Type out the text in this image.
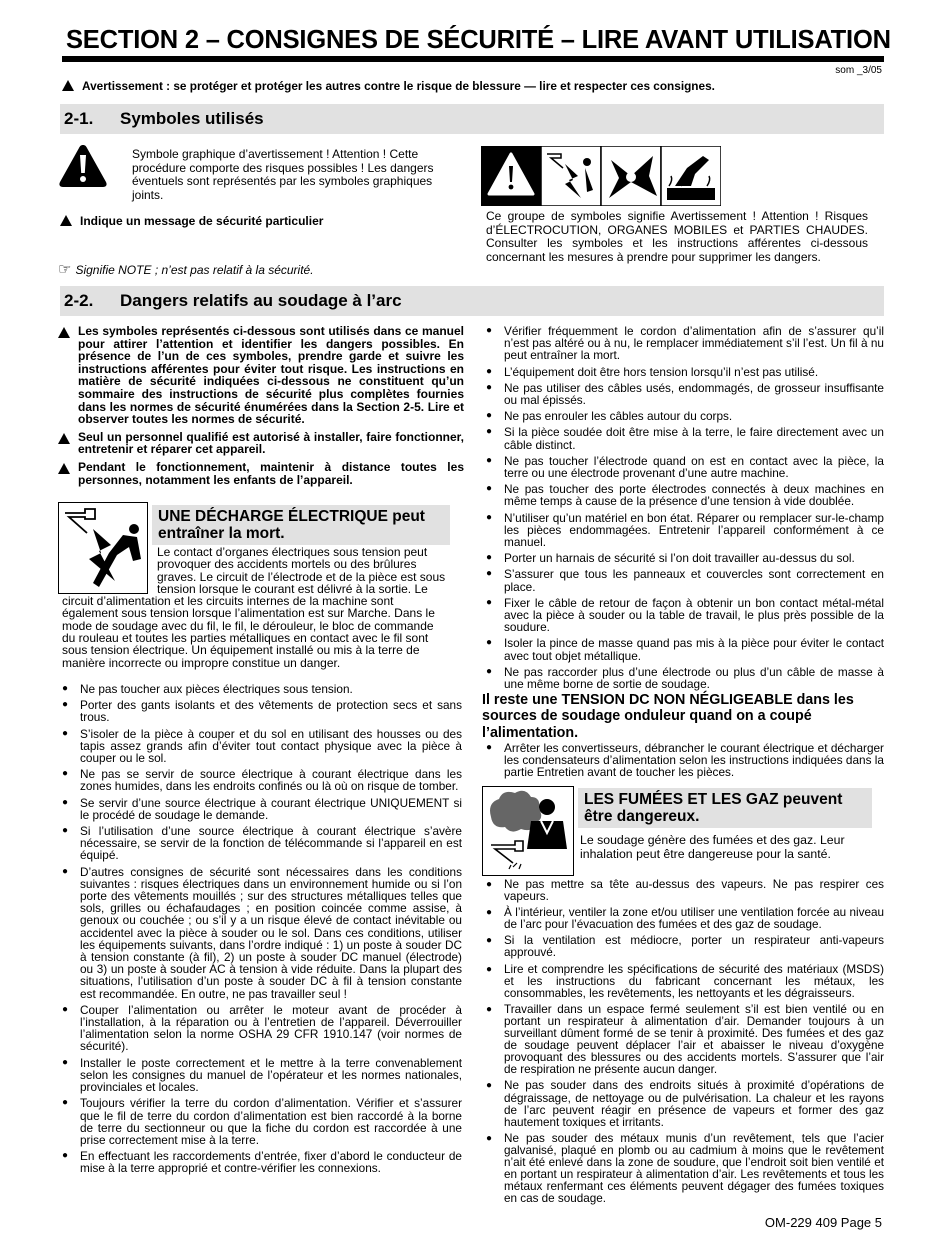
SECTION 2 – CONSIGNES DE SÉCURITÉ – LIRE AVANT UTILISATION
som _3/05
Avertissement : se protéger et protéger les autres contre le risque de blessure — lire et respecter ces consignes.
2-1. Symboles utilisés
Symbole graphique d’avertissement ! Attention ! Cette procédure comporte des risques possibles ! Les dangers éventuels sont représentés par les symboles graphiques joints.
Indique un message de sécurité particulier
☞ Signifie NOTE ; n’est pas relatif à la sécurité.
Ce groupe de symboles signifie Avertissement ! Attention ! Risques d’ÉLECTROCUTION, ORGANES MOBILES et PARTIES CHAUDES. Consulter les symboles et les instructions afférentes ci-dessous concernant les mesures à prendre pour supprimer les dangers.
2-2. Dangers relatifs au soudage à l’arc
Les symboles représentés ci-dessous sont utilisés dans ce manuel pour attirer l’attention et identifier les dangers possibles. En présence de l’un de ces symboles, prendre garde et suivre les instructions afférentes pour éviter tout risque. Les instructions en matière de sécurité indiquées ci-dessous ne constituent qu’un sommaire des instructions de sécurité plus complètes fournies dans les normes de sécurité énumérées dans la Section 2-5. Lire et observer toutes les normes de sécurité.
Seul un personnel qualifié est autorisé à installer, faire fonctionner, entretenir et réparer cet appareil.
Pendant le fonctionnement, maintenir à distance toutes les personnes, notamment les enfants de l’appareil.
UNE DÉCHARGE ÉLECTRIQUE peut entraîner la mort.
Le contact d’organes électriques sous tension peut provoquer des accidents mortels ou des brûlures graves. Le circuit de l’électrode et de la pièce est sous tension lorsque le courant est délivré à la sortie. Le circuit d’alimentation et les circuits internes de la machine sont également sous tension lorsque l’alimentation est sur Marche. Dans le mode de soudage avec du fil, le fil, le dérouleur, le bloc de commande du rouleau et toutes les parties métalliques en contact avec le fil sont sous tension électrique. Un équipement installé ou mis à la terre de manière incorrecte ou impropre constitue un danger.
● Ne pas toucher aux pièces électriques sous tension.
● Porter des gants isolants et des vêtements de protection secs et sans trous.
● S’isoler de la pièce à couper et du sol en utilisant des housses ou des tapis assez grands afin d’éviter tout contact physique avec la pièce à couper ou le sol.
● Ne pas se servir de source électrique à courant électrique dans les zones humides, dans les endroits confinés ou là où on risque de tomber.
● Se servir d’une source électrique à courant électrique UNIQUEMENT si le procédé de soudage le demande.
● Si l’utilisation d’une source électrique à courant électrique s’avère nécessaire, se servir de la fonction de télécommande si l’appareil en est équipé.
● D’autres consignes de sécurité sont nécessaires dans les conditions suivantes : risques électriques dans un environnement humide ou si l’on porte des vêtements mouillés ; sur des structures métalliques telles que sols, grilles ou échafaudages ; en position coincée comme assise, à genoux ou couchée ; ou s’il y a un risque élevé de contact inévitable ou accidentel avec la pièce à souder ou le sol. Dans ces conditions, utiliser les équipements suivants, dans l’ordre indiqué : 1) un poste à souder DC à tension constante (à fil), 2) un poste à souder DC manuel (électrode) ou 3) un poste à souder AC à tension à vide réduite. Dans la plupart des situations, l’utilisation d’un poste à souder DC à fil à tension constante est recommandée. En outre, ne pas travailler seul !
● Couper l’alimentation ou arrêter le moteur avant de procéder à l’installation, à la réparation ou à l’entretien de l’appareil. Déverrouiller l’alimentation selon la norme OSHA 29 CFR 1910.147 (voir normes de sécurité).
● Installer le poste correctement et le mettre à la terre convenablement selon les consignes du manuel de l’opérateur et les normes nationales, provinciales et locales.
● Toujours vérifier la terre du cordon d’alimentation. Vérifier et s’assurer que le fil de terre du cordon d’alimentation est bien raccordé à la borne de terre du sectionneur ou que la fiche du cordon est raccordée à une prise correctement mise à la terre.
● En effectuant les raccordements d’entrée, fixer d’abord le conducteur de mise à la terre approprié et contre-vérifier les connexions.
● Vérifier fréquemment le cordon d’alimentation afin de s’assurer qu’il n’est pas altéré ou à nu, le remplacer immédiatement s’il l’est. Un fil à nu peut entraîner la mort.
● L’équipement doit être hors tension lorsqu’il n’est pas utilisé.
● Ne pas utiliser des câbles usés, endommagés, de grosseur insuffisante ou mal épissés.
● Ne pas enrouler les câbles autour du corps.
● Si la pièce soudée doit être mise à la terre, le faire directement avec un câble distinct.
● Ne pas toucher l’électrode quand on est en contact avec la pièce, la terre ou une électrode provenant d’une autre machine.
● Ne pas toucher des porte électrodes connectés à deux machines en même temps à cause de la présence d’une tension à vide doublée.
● N’utiliser qu’un matériel en bon état. Réparer ou remplacer sur-le-champ les pièces endommagées. Entretenir l’appareil conformément à ce manuel.
● Porter un harnais de sécurité si l’on doit travailler au-dessus du sol.
● S’assurer que tous les panneaux et couvercles sont correctement en place.
● Fixer le câble de retour de façon à obtenir un bon contact métal-métal avec la pièce à souder ou la table de travail, le plus près possible de la soudure.
● Isoler la pince de masse quand pas mis à la pièce pour éviter le contact avec tout objet métallique.
● Ne pas raccorder plus d’une électrode ou plus d’un câble de masse à une même borne de sortie de soudage.
Il reste une TENSION DC NON NÉGLIGEABLE dans les sources de soudage onduleur quand on a coupé l’alimentation.
● Arrêter les convertisseurs, débrancher le courant électrique et décharger les condensateurs d’alimentation selon les instructions indiquées dans la partie Entretien avant de toucher les pièces.
LES FUMÉES ET LES GAZ peuvent être dangereux.
Le soudage génère des fumées et des gaz. Leur inhalation peut être dangereuse pour la santé.
● Ne pas mettre sa tête au-dessus des vapeurs. Ne pas respirer ces vapeurs.
● À l’intérieur, ventiler la zone et/ou utiliser une ventilation forcée au niveau de l’arc pour l’évacuation des fumées et des gaz de soudage.
● Si la ventilation est médiocre, porter un respirateur anti-vapeurs approuvé.
● Lire et comprendre les spécifications de sécurité des matériaux (MSDS) et les instructions du fabricant concernant les métaux, les consommables, les revêtements, les nettoyants et les dégraisseurs.
● Travailler dans un espace fermé seulement s’il est bien ventilé ou en portant un respirateur à alimentation d’air. Demander toujours à un surveillant dûment formé de se tenir à proximité. Des fumées et des gaz de soudage peuvent déplacer l’air et abaisser le niveau d’oxygène provoquant des blessures ou des accidents mortels. S’assurer que l’air de respiration ne présente aucun danger.
● Ne pas souder dans des endroits situés à proximité d’opérations de dégraissage, de nettoyage ou de pulvérisation. La chaleur et les rayons de l’arc peuvent réagir en présence de vapeurs et former des gaz hautement toxiques et irritants.
● Ne pas souder des métaux munis d’un revêtement, tels que l’acier galvanisé, plaqué en plomb ou au cadmium à moins que le revêtement n’ait été enlevé dans la zone de soudure, que l’endroit soit bien ventilé et en portant un respirateur à alimentation d’air. Les revêtements et tous les métaux renfermant ces éléments peuvent dégager des fumées toxiques en cas de soudage.
OM-229 409 Page 5
